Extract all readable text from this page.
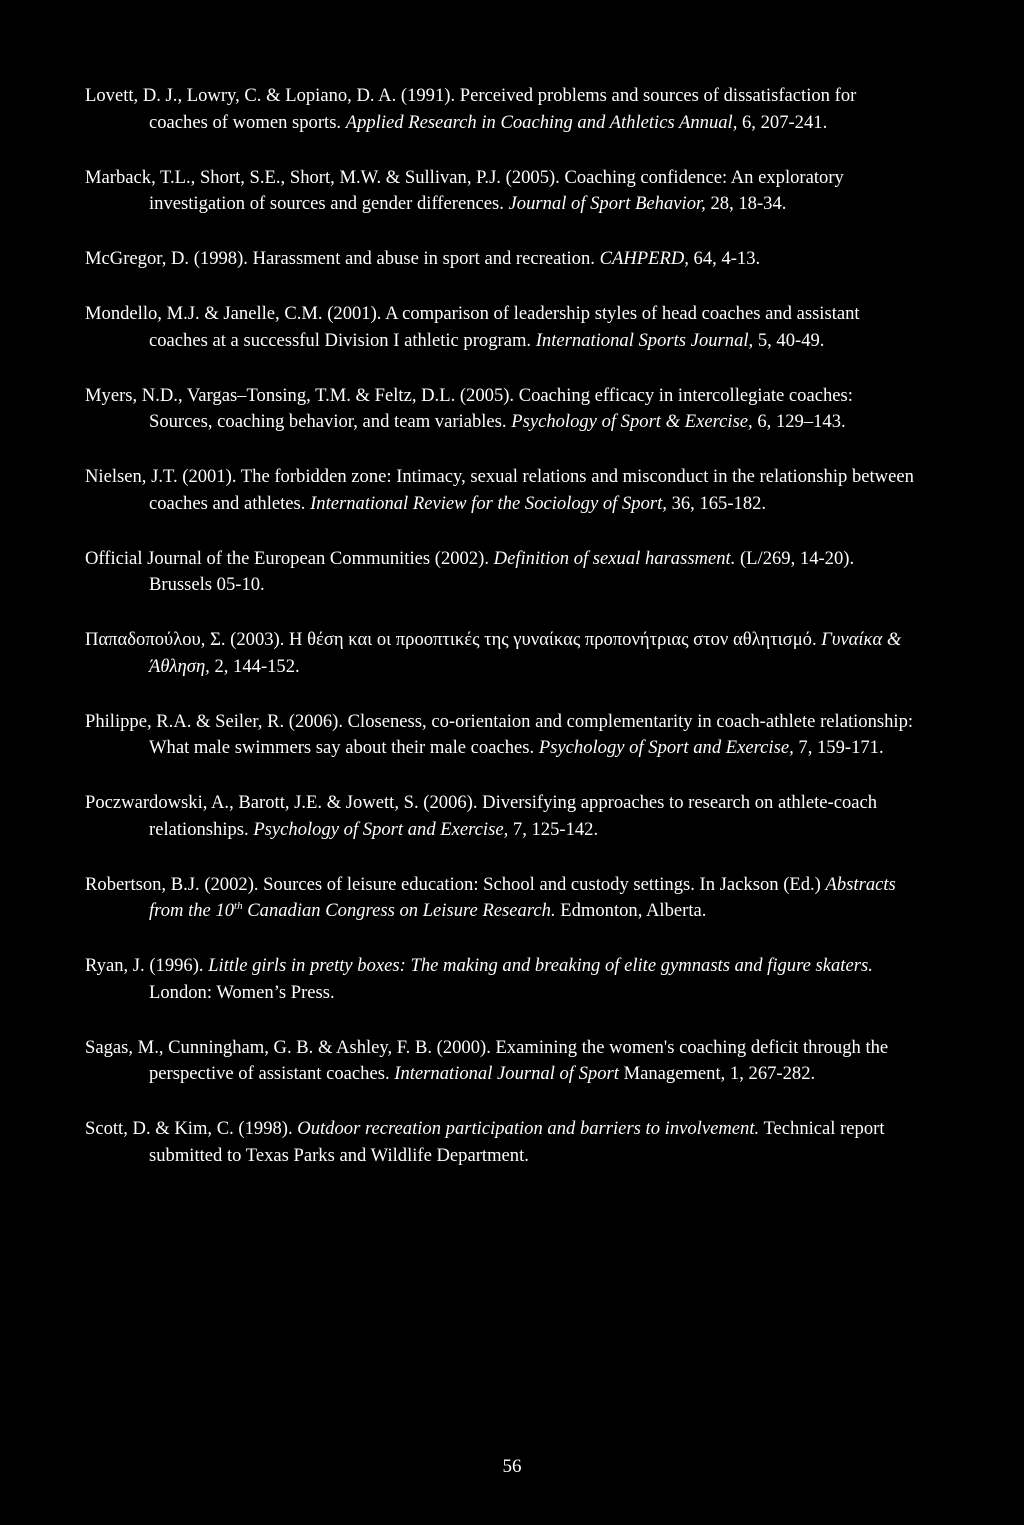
Lovett, D. J., Lowry, C. & Lopiano, D. A. (1991). Perceived problems and sources of dissatisfaction for coaches of women sports. Applied Research in Coaching and Athletics Annual, 6, 207-241.

Marback, T.L., Short, S.E., Short, M.W. & Sullivan, P.J. (2005). Coaching confidence: An exploratory investigation of sources and gender differences. Journal of Sport Behavior, 28, 18-34.

McGregor, D. (1998). Harassment and abuse in sport and recreation. CAHPERD, 64, 4-13.

Mondello, M.J. & Janelle, C.M. (2001). A comparison of leadership styles of head coaches and assistant coaches at a successful Division I athletic program. International Sports Journal, 5, 40-49.

Myers, N.D., Vargas–Tonsing, T.M. & Feltz, D.L. (2005). Coaching efficacy in intercollegiate coaches: Sources, coaching behavior, and team variables. Psychology of Sport & Exercise, 6, 129–143.

Nielsen, J.T. (2001). The forbidden zone: Intimacy, sexual relations and misconduct in the relationship between coaches and athletes. International Review for the Sociology of Sport, 36, 165-182.

Official Journal of the European Communities (2002). Definition of sexual harassment. (L/269, 14-20). Brussels 05-10.

Παπαδοπούλου, Σ. (2003). Η θέση και οι προοπτικές της γυναίκας προπονήτριας στον αθλητισμό. Γυναίκα & Άθληση, 2, 144-152.

Philippe, R.A. & Seiler, R. (2006). Closeness, co-orientaion and complementarity in coach-athlete relationship: What male swimmers say about their male coaches. Psychology of Sport and Exercise, 7, 159-171.

Poczwardowski, A., Barott, J.E. & Jowett, S. (2006). Diversifying approaches to research on athlete-coach relationships. Psychology of Sport and Exercise, 7, 125-142.

Robertson, B.J. (2002). Sources of leisure education: School and custody settings. In Jackson (Ed.) Abstracts from the 10th Canadian Congress on Leisure Research. Edmonton, Alberta.

Ryan, J. (1996). Little girls in pretty boxes: The making and breaking of elite gymnasts and figure skaters. London: Women’s Press.

Sagas, M., Cunningham, G. B. & Ashley, F. B. (2000). Examining the women's coaching deficit through the perspective of assistant coaches. International Journal of Sport Management, 1, 267-282.

Scott, D. & Kim, C. (1998). Outdoor recreation participation and barriers to involvement. Technical report submitted to Texas Parks and Wildlife Department.

56
